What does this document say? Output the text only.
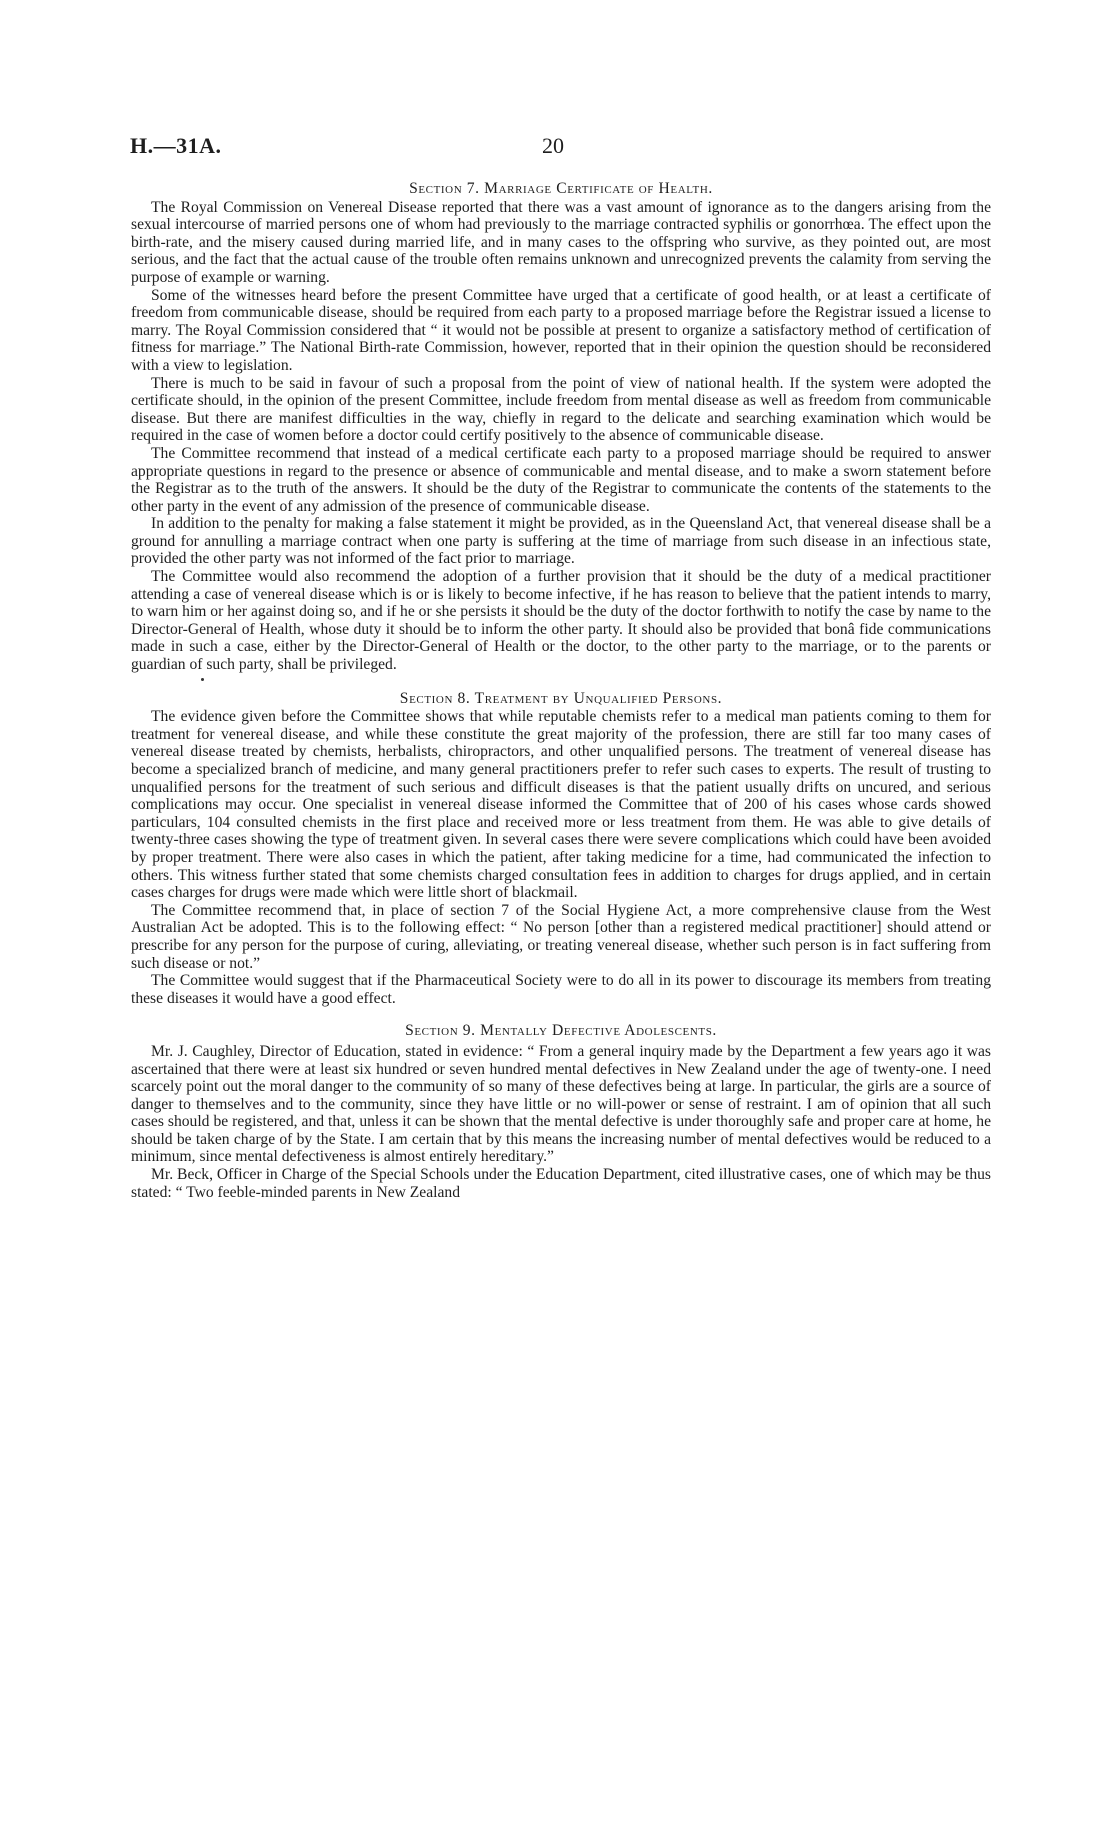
H.—31A.	20

Section 7. Marriage Certificate of Health.

The Royal Commission on Venereal Disease reported that there was a vast amount of ignorance as to the dangers arising from the sexual intercourse of married persons one of whom had previously to the marriage contracted syphilis or gonorrhœa. The effect upon the birth-rate, and the misery caused during married life, and in many cases to the offspring who survive, as they pointed out, are most serious, and the fact that the actual cause of the trouble often remains unknown and unrecognized prevents the calamity from serving the purpose of example or warning.

Some of the witnesses heard before the present Committee have urged that a certificate of good health, or at least a certificate of freedom from communicable disease, should be required from each party to a proposed marriage before the Registrar issued a license to marry. The Royal Commission considered that “ it would not be possible at present to organize a satisfactory method of certification of fitness for marriage.” The National Birth-rate Commission, however, reported that in their opinion the question should be reconsidered with a view to legislation.

There is much to be said in favour of such a proposal from the point of view of national health. If the system were adopted the certificate should, in the opinion of the present Committee, include freedom from mental disease as well as freedom from communicable disease. But there are manifest difficulties in the way, chiefly in regard to the delicate and searching examination which would be required in the case of women before a doctor could certify positively to the absence of communicable disease.

The Committee recommend that instead of a medical certificate each party to a proposed marriage should be required to answer appropriate questions in regard to the presence or absence of communicable and mental disease, and to make a sworn statement before the Registrar as to the truth of the answers. It should be the duty of the Registrar to communicate the contents of the statements to the other party in the event of any admission of the presence of communicable disease.

In addition to the penalty for making a false statement it might be provided, as in the Queensland Act, that venereal disease shall be a ground for annulling a marriage contract when one party is suffering at the time of marriage from such disease in an infectious state, provided the other party was not informed of the fact prior to marriage.

The Committee would also recommend the adoption of a further provision that it should be the duty of a medical practitioner attending a case of venereal disease which is or is likely to become infective, if he has reason to believe that the patient intends to marry, to warn him or her against doing so, and if he or she persists it should be the duty of the doctor forthwith to notify the case by name to the Director-General of Health, whose duty it should be to inform the other party. It should also be provided that bonâ fide communications made in such a case, either by the Director-General of Health or the doctor, to the other party to the marriage, or to the parents or guardian of such party, shall be privileged.

Section 8. Treatment by Unqualified Persons.

The evidence given before the Committee shows that while reputable chemists refer to a medical man patients coming to them for treatment for venereal disease, and while these constitute the great majority of the profession, there are still far too many cases of venereal disease treated by chemists, herbalists, chiropractors, and other unqualified persons. The treatment of venereal disease has become a specialized branch of medicine, and many general practitioners prefer to refer such cases to experts. The result of trusting to unqualified persons for the treatment of such serious and difficult diseases is that the patient usually drifts on uncured, and serious complications may occur. One specialist in venereal disease informed the Committee that of 200 of his cases whose cards showed particulars, 104 consulted chemists in the first place and received more or less treatment from them. He was able to give details of twenty-three cases showing the type of treatment given. In several cases there were severe complications which could have been avoided by proper treatment. There were also cases in which the patient, after taking medicine for a time, had communicated the infection to others. This witness further stated that some chemists charged consultation fees in addition to charges for drugs applied, and in certain cases charges for drugs were made which were little short of blackmail.

The Committee recommend that, in place of section 7 of the Social Hygiene Act, a more comprehensive clause from the West Australian Act be adopted. This is to the following effect: “ No person [other than a registered medical practitioner] should attend or prescribe for any person for the purpose of curing, alleviating, or treating venereal disease, whether such person is in fact suffering from such disease or not.”

The Committee would suggest that if the Pharmaceutical Society were to do all in its power to discourage its members from treating these diseases it would have a good effect.

Section 9. Mentally Defective Adolescents.

Mr. J. Caughley, Director of Education, stated in evidence: “ From a general inquiry made by the Department a few years ago it was ascertained that there were at least six hundred or seven hundred mental defectives in New Zealand under the age of twenty-one. I need scarcely point out the moral danger to the community of so many of these defectives being at large. In particular, the girls are a source of danger to themselves and to the community, since they have little or no will-power or sense of restraint. I am of opinion that all such cases should be registered, and that, unless it can be shown that the mental defective is under thoroughly safe and proper care at home, he should be taken charge of by the State. I am certain that by this means the increasing number of mental defectives would be reduced to a minimum, since mental defectiveness is almost entirely hereditary.”

Mr. Beck, Officer in Charge of the Special Schools under the Education Department, cited illustrative cases, one of which may be thus stated: “ Two feeble-minded parents in New Zealand
